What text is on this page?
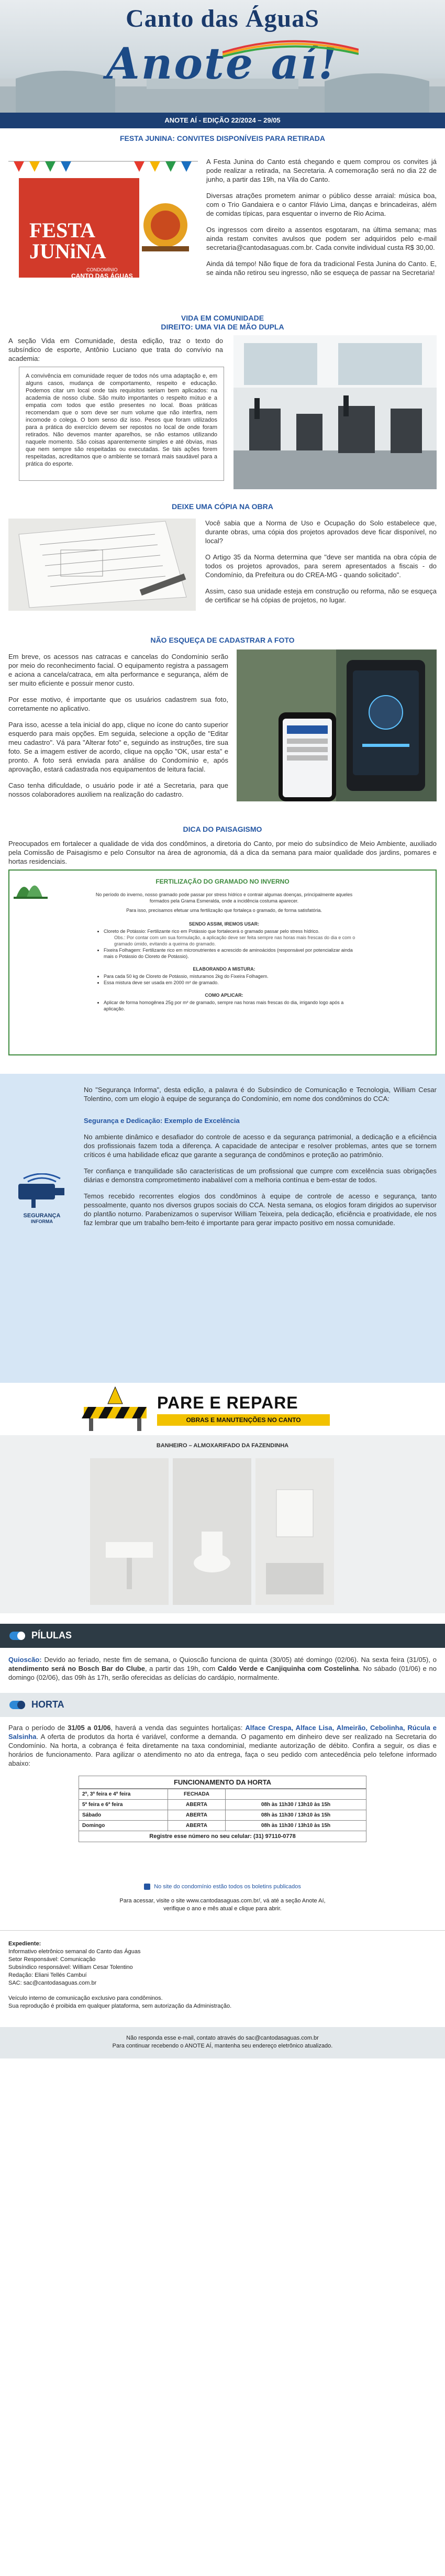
Canto das ÁguaS
Anote aí!
ANOTE AÍ - EDIÇÃO 22/2024 – 29/05
FESTA JUNINA: CONVITES DISPONÍVEIS PARA RETIRADA
FESTA
JUNiNA
CONDOMÍNIO
CANTO DAS ÁGUAS

A Festa Junina do Canto está chegando e quem comprou os convites já pode realizar a retirada, na Secretaria. A comemoração será no dia 22 de junho, a partir das 19h, na Vila do Canto.

Diversas atrações prometem animar o público desse arraial: música boa, com o Trio Gandaiera e o cantor Flávio Lima, danças e brincadeiras, além de comidas típicas, para esquentar o inverno de Rio Acima.

Os ingressos com direito a assentos esgotaram, na última semana; mas ainda restam convites avulsos que podem ser adquiridos pelo e-mail secretaria@cantodasaguas.com.br. Cada convite individual custa R$ 30,00.

Ainda dá tempo! Não fique de fora da tradicional Festa Junina do Canto. E, se ainda não retirou seu ingresso, não se esqueça de passar na Secretaria!

VIDA EM COMUNIDADE
DIREITO: UMA VIA DE MÃO DUPLA
A seção Vida em Comunidade, desta edição, traz o texto do subsíndico de esporte, Antônio Luciano que trata do convívio na academia:
A convivência em comunidade requer de todos nós uma adaptação e, em alguns casos, mudança de comportamento, respeito e educação. Podemos citar um local onde tais requisitos seriam bem aplicados: na academia de nosso clube. São muito importantes o respeito mútuo e a empatia com todos que estão presentes no local. Boas práticas recomendam que o som deve ser num volume que não interfira, nem incomode o colega. O bom senso diz isso. Pesos que foram utilizados para a prática do exercício devem ser repostos no local de onde foram retirados. Não devemos manter aparelhos, se não estamos utilizando naquele momento. São coisas aparentemente simples e até óbvias, mas que nem sempre são respeitadas ou executadas. Se tais ações forem respeitadas, acreditamos que o ambiente se tornará mais saudável para a prática do esporte.
DEIXE UMA CÓPIA NA OBRA

Você sabia que a Norma de Uso e Ocupação do Solo estabelece que, durante obras, uma cópia dos projetos aprovados deve ficar disponível, no local?

O Artigo 35 da Norma determina que "deve ser mantida na obra cópia de todos os projetos aprovados, para serem apresentados a fiscais - do Condomínio, da Prefeitura ou do CREA-MG - quando solicitado".

Assim, caso sua unidade esteja em construção ou reforma, não se esqueça de certificar se há cópias de projetos, no lugar.

NÃO ESQUEÇA DE CADASTRAR A FOTO

Em breve, os acessos nas catracas e cancelas do Condomínio serão por meio do reconhecimento facial. O equipamento registra a passagem e aciona a cancela/catraca, em alta performance e segurança, além de ser muito eficiente e possuir menor custo.

Por esse motivo, é importante que os usuários cadastrem sua foto, corretamente no aplicativo.

Para isso, acesse a tela inicial do app, clique no ícone do canto superior esquerdo para mais opções. Em seguida, selecione a opção de "Editar meu cadastro". Vá para "Alterar foto" e, seguindo as instruções, tire sua foto. Se a imagem estiver de acordo, clique na opção "OK, usar esta" e pronto. A foto será enviada para análise do Condomínio e, após aprovação, estará cadastrada nos equipamentos de leitura facial.

Caso tenha dificuldade, o usuário pode ir até a Secretaria, para que nossos colaboradores auxiliem na realização do cadastro.

DICA DO PAISAGISMO
Preocupados em fortalecer a qualidade de vida dos condôminos, a diretoria do Canto, por meio do subsíndico de Meio Ambiente, auxiliado pela Comissão de Paisagismo e pelo Consultor na área de agronomia, dá a dica da semana para maior qualidade dos jardins, pomares e hortas residenciais.
FERTILIZAÇÃO DO GRAMADO NO INVERNO
No período do inverno, nosso gramado pode passar por stress hídrico e contrair algumas doenças, principalmente aqueles formados pela Grama Esmeralda, onde a incidência costuma aparecer.
Para isso, precisamos efetuar uma fertilização que fortaleça o gramado, de forma satisfatória.
SENDO ASSIM, IREMOS USAR:
• Cloreto de Potássio: Fertilizante rico em Potássio que fortalecerá o gramado passar pelo stress hídrico.
Obs.: Por contar com um sua formulação, a aplicação deve ser feita sempre nas horas mais frescas do dia e com o gramado úmido, evitando a queima do gramado.
• Fixeira Folhagem: Fertilizante rico em micronutrientes e acrescido de aminoácidos (responsável por potencializar ainda mais o Potássio do Cloreto de Potássio).
ELABORANDO A MISTURA:
• Para cada 50 kg de Cloreto de Potássio, misturamos 2kg do Fixeira Folhagem.
• Essa mistura deve ser usada em 2000 m² de gramado.
COMO APLICAR:
• Aplicar de forma homogênea 25g por m² de gramado, sempre nas horas mais frescas do dia, irrigando logo após a aplicação.
No "Segurança Informa", desta edição, a palavra é do Subsíndico de Comunicação e Tecnologia, William Cesar Tolentino, com um elogio à equipe de segurança do Condomínio, em nome dos condôminos do CCA:
Segurança e Dedicação: Exemplo de Excelência

No ambiente dinâmico e desafiador do controle de acesso e da segurança patrimonial, a dedicação e a eficiência dos profissionais fazem toda a diferença. A capacidade de antecipar e resolver problemas, antes que se tornem críticos é uma habilidade eficaz que garante a segurança de condôminos e proteção ao patrimônio.

Ter confiança e tranquilidade são características de um profissional que cumpre com excelência suas obrigações diárias e demonstra comprometimento inabalável com a melhoria contínua e bem-estar de todos.

Temos recebido recorrentes elogios dos condôminos à equipe de controle de acesso e segurança, tanto pessoalmente, quanto nos diversos grupos sociais do CCA. Nesta semana, os elogios foram dirigidos ao supervisor do plantão noturno. Parabenizamos o supervisor William Teixeira, pela dedicação, eficiência e proatividade, ele nos faz lembrar que um trabalho bem-feito é importante para gerar impacto positivo em nossa comunidade.

SEGURANÇA
INFORMA
PARE E REPARE
OBRAS E MANUTENÇÕES NO CANTO
BANHEIRO – ALMOXARIFADO DA FAZENDINHA
PÍLULAS
Quioscão: Devido ao feriado, neste fim de semana, o Quioscão funciona de quinta (30/05) até domingo (02/06). Na sexta feira (31/05), o atendimento será no Bosch Bar do Clube, a partir das 19h, com Caldo Verde e Canjiquinha com Costelinha. No sábado (01/06) e no domingo (02/06), das 09h às 17h, serão oferecidas as delícias do cardápio, normalmente.
HORTA
Para o período de 31/05 a 01/06, haverá a venda das seguintes hortaliças: Alface Crespa, Alface Lisa, Almeirão, Cebolinha, Rúcula e Salsinha. A oferta de produtos da horta é variável, conforme a demanda. O pagamento em dinheiro deve ser realizado na Secretaria do Condomínio. Na horta, a cobrança é feita diretamente na taxa condominial, mediante autorização de débito. Confira a seguir, os dias e horários de funcionamento. Para agilizar o atendimento no ato da entrega, faça o seu pedido com antecedência pelo telefone informado abaixo:
FUNCIONAMENTO DA HORTA
2ª, 3ª feira e 4ª feira	FECHADA	
5ª feira e 6ª feira	ABERTA	08h às 11h30 / 13h10 às 15h
Sábado	ABERTA	08h às 11h30 / 13h10 às 15h
Domingo	ABERTA	08h às 11h30 / 13h10 às 15h
Registre esse número no seu celular: (31) 97110-0778
No site do condomínio estão todos os boletins publicados
Para acessar, visite o site www.cantodasaguas.com.br/, vá até a seção Anote Aí,
verifique o ano e mês atual e clique para abrir.
Expediente:
Informativo eletrônico semanal do Canto das Águas
Setor Responsável: Comunicação
Subsíndico responsável: William Cesar Tolentino
Redação: Eliani Tellés Cambuí
SAC: sac@cantodasaguas.com.br
Veículo interno de comunicação exclusivo para condôminos.
Sua reprodução é proibida em qualquer plataforma, sem autorização da Administração.
Não responda esse e-mail, contato através do sac@cantodasaguas.com.br
Para continuar recebendo o ANOTE AÍ, mantenha seu endereço eletrônico atualizado.
